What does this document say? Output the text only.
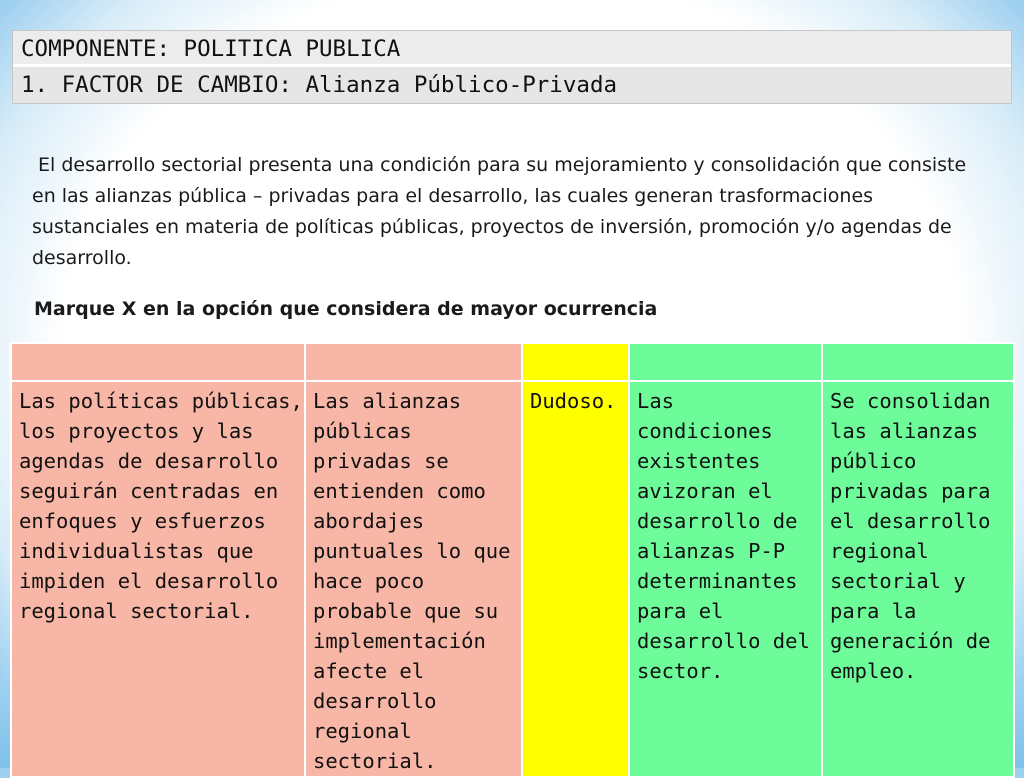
COMPONENTE: POLITICA PUBLICA
1. FACTOR DE CAMBIO: Alianza Público-Privada
El desarrollo sectorial presenta una condición para su mejoramiento y consolidación que consiste en las alianzas pública – privadas para el desarrollo, las cuales generan trasformaciones sustanciales en materia de políticas públicas, proyectos de inversión, promoción y/o agendas de desarrollo.
Marque X en la opción que considera de mayor ocurrencia

Las políticas públicas, los proyectos y las agendas de desarrollo seguirán centradas en enfoques y esfuerzos individualistas que impiden el desarrollo regional sectorial.	Las alianzas públicas privadas se entienden como abordajes puntuales lo que hace poco probable que su implementación afecte el desarrollo regional sectorial.	Dudoso.	Las condiciones existentes avizoran el desarrollo de alianzas P-P determinantes para el desarrollo del sector.	Se consolidan las alianzas público privadas para el desarrollo regional sectorial y para la generación de empleo.
